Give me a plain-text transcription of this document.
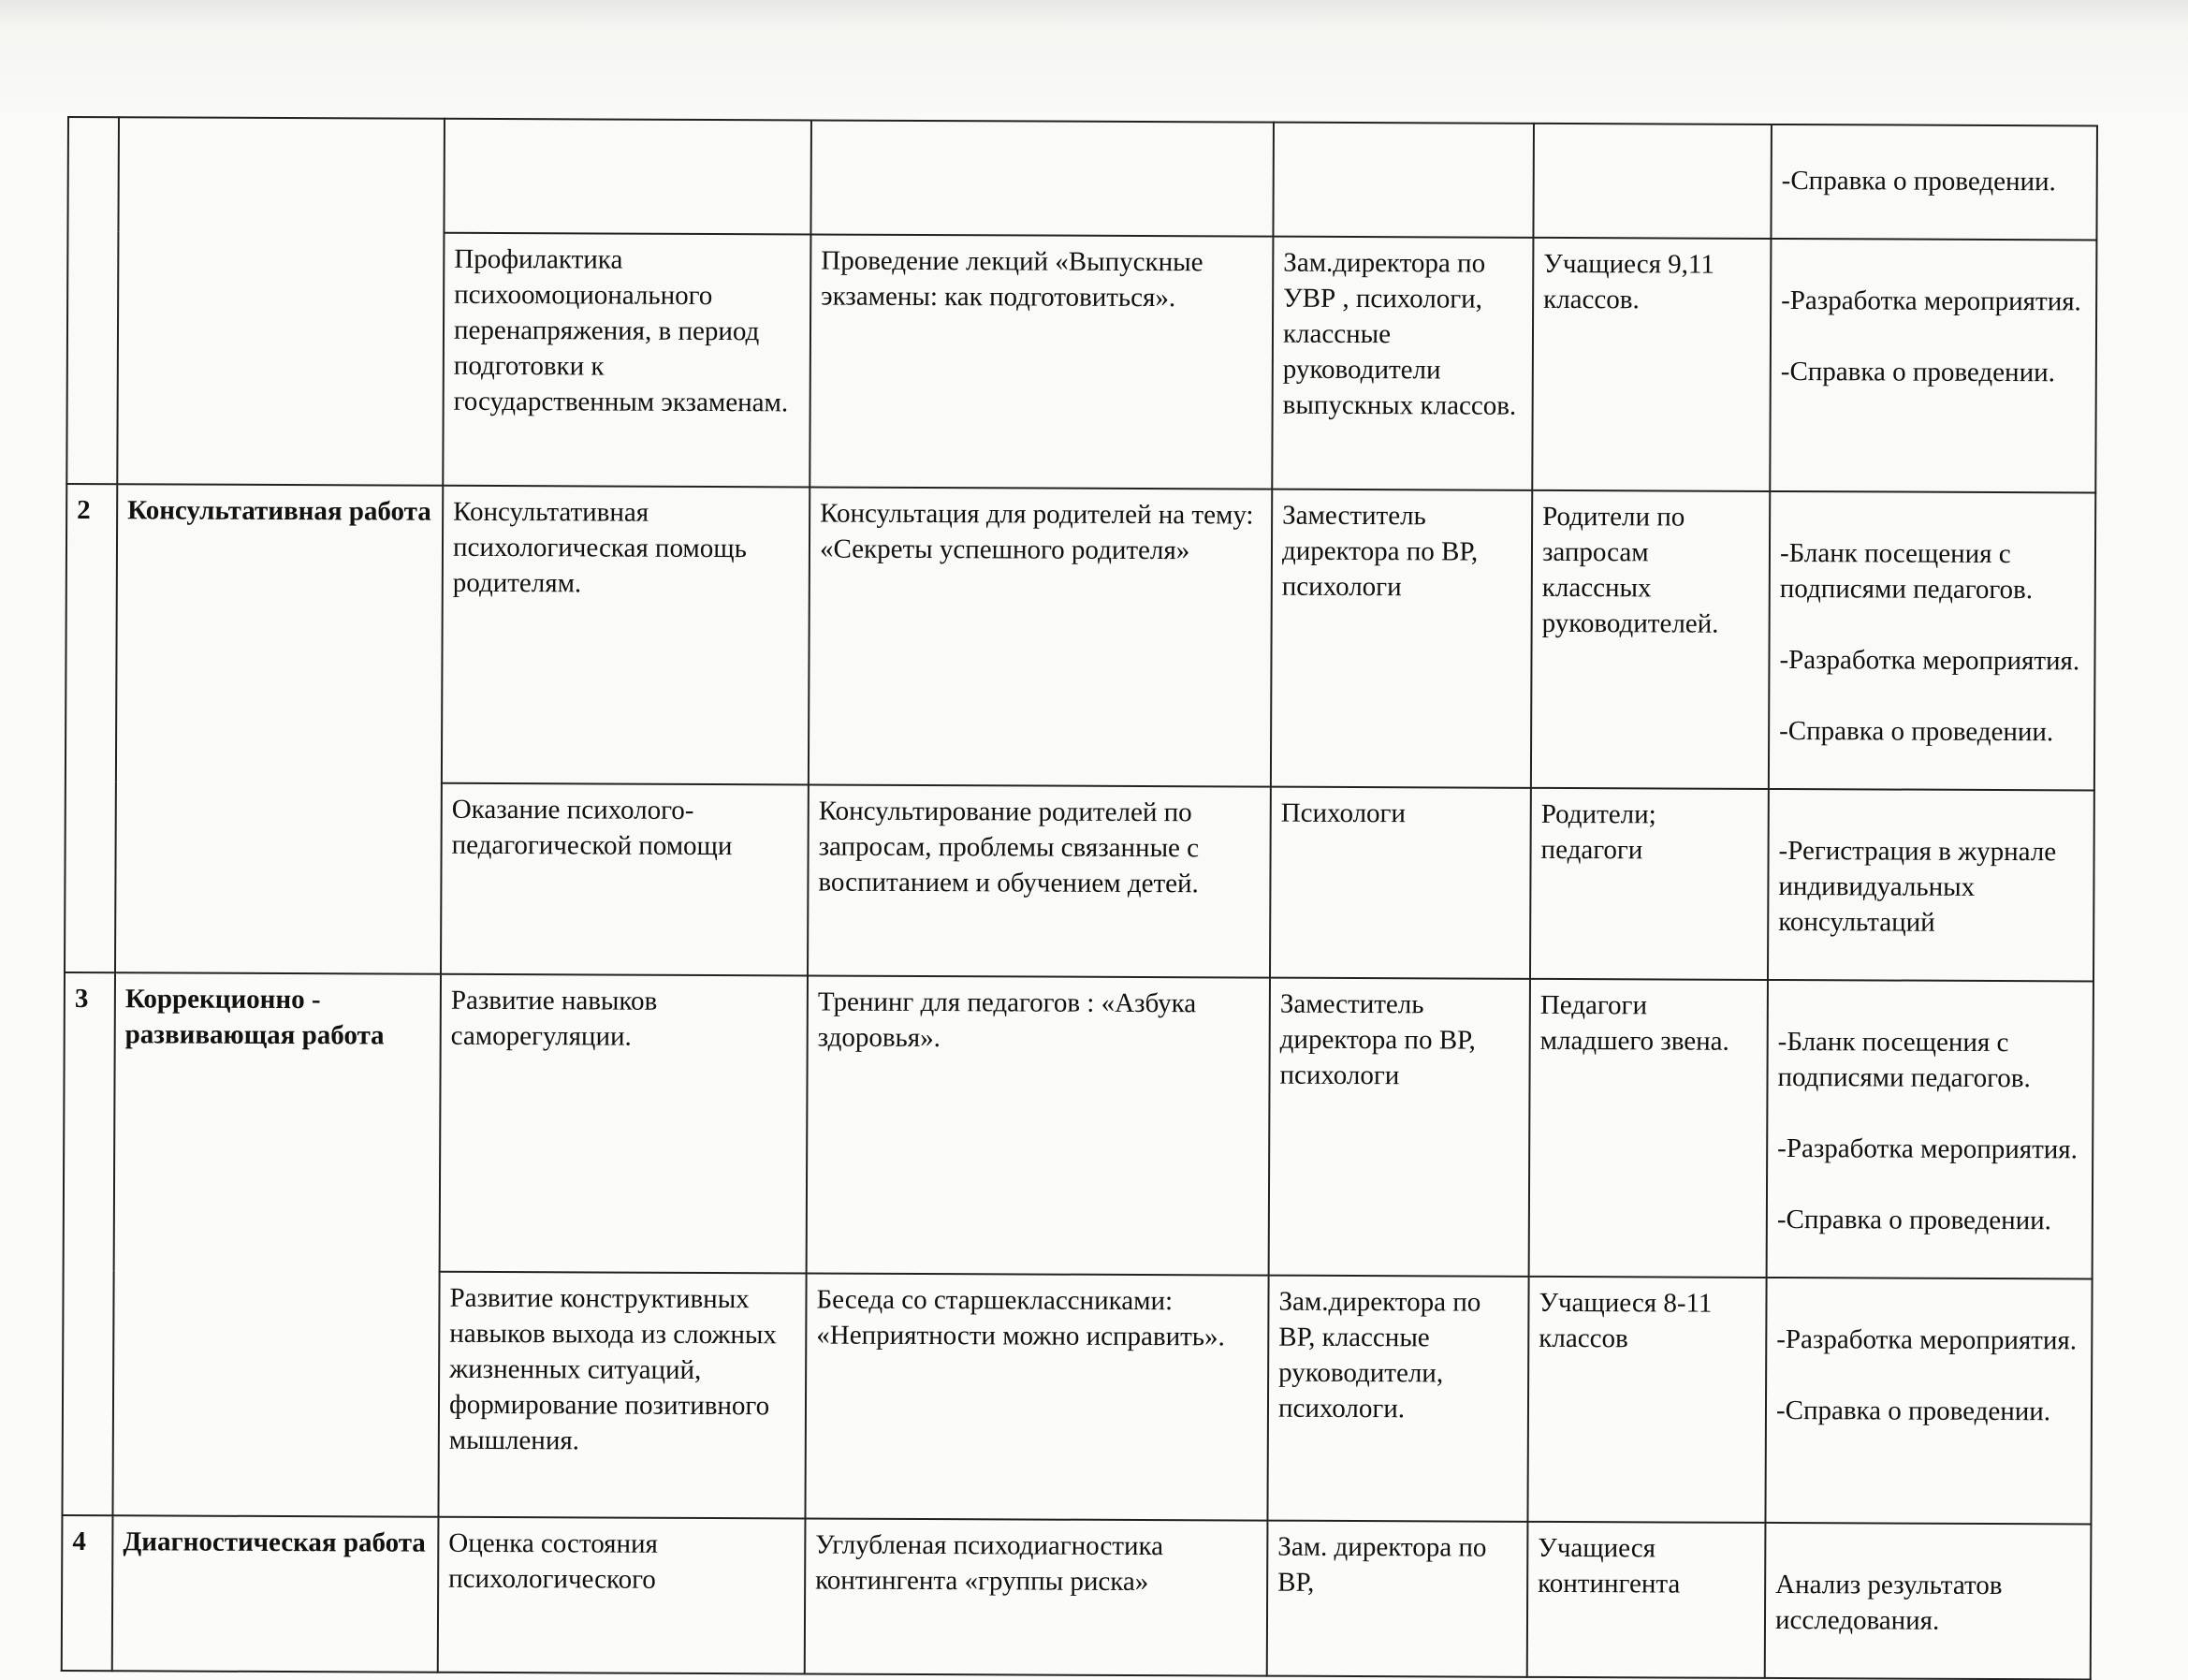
						-Справка о проведении.

		Профилактика психоомоционального перенапряжения, в период подготовки к государственным экзаменам.	Проведение лекций «Выпускные экзамены: как подготовиться».	Зам.директора по УВР , психологи, классные руководители выпускных классов.	Учащиеся 9,11 классов.	-Разработка мероприятия.

-Справка о проведении.

2	Консультативная работа	Консультативная психологическая помощь родителям.	Консультация для родителей на тему: «Секреты успешного родителя»	Заместитель директора по ВР, психологи	Родители по запросам классных руководителей.	-Бланк посещения с подписями педагогов.

-Разработка мероприятия.

-Справка о проведении.

		Оказание психолого-педагогической помощи	Консультирование родителей по запросам, проблемы связанные с воспитанием и обучением детей.	Психологи	Родители; педагоги	-Регистрация в журнале индивидуальных консультаций

3	Коррекционно - развивающая работа	Развитие навыков саморегуляции.	Тренинг для педагогов : «Азбука здоровья».	Заместитель директора по ВР, психологи	Педагоги младшего звена.	-Бланк посещения с подписями педагогов.

-Разработка мероприятия.

-Справка о проведении.

		Развитие конструктивных навыков выхода из сложных жизненных ситуаций, формирование позитивного мышления.	Беседа со старшеклассниками: «Неприятности можно исправить».	Зам.директора по ВР, классные руководители, психологи.	Учащиеся 8-11 классов	-Разработка мероприятия.

-Справка о проведении.

4	Диагностическая работа	Оценка состояния психологического	Углубленая психодиагностика контингента «группы риска»	Зам. директора по ВР,	Учащиеся контингента	Анализ результатов исследования.
